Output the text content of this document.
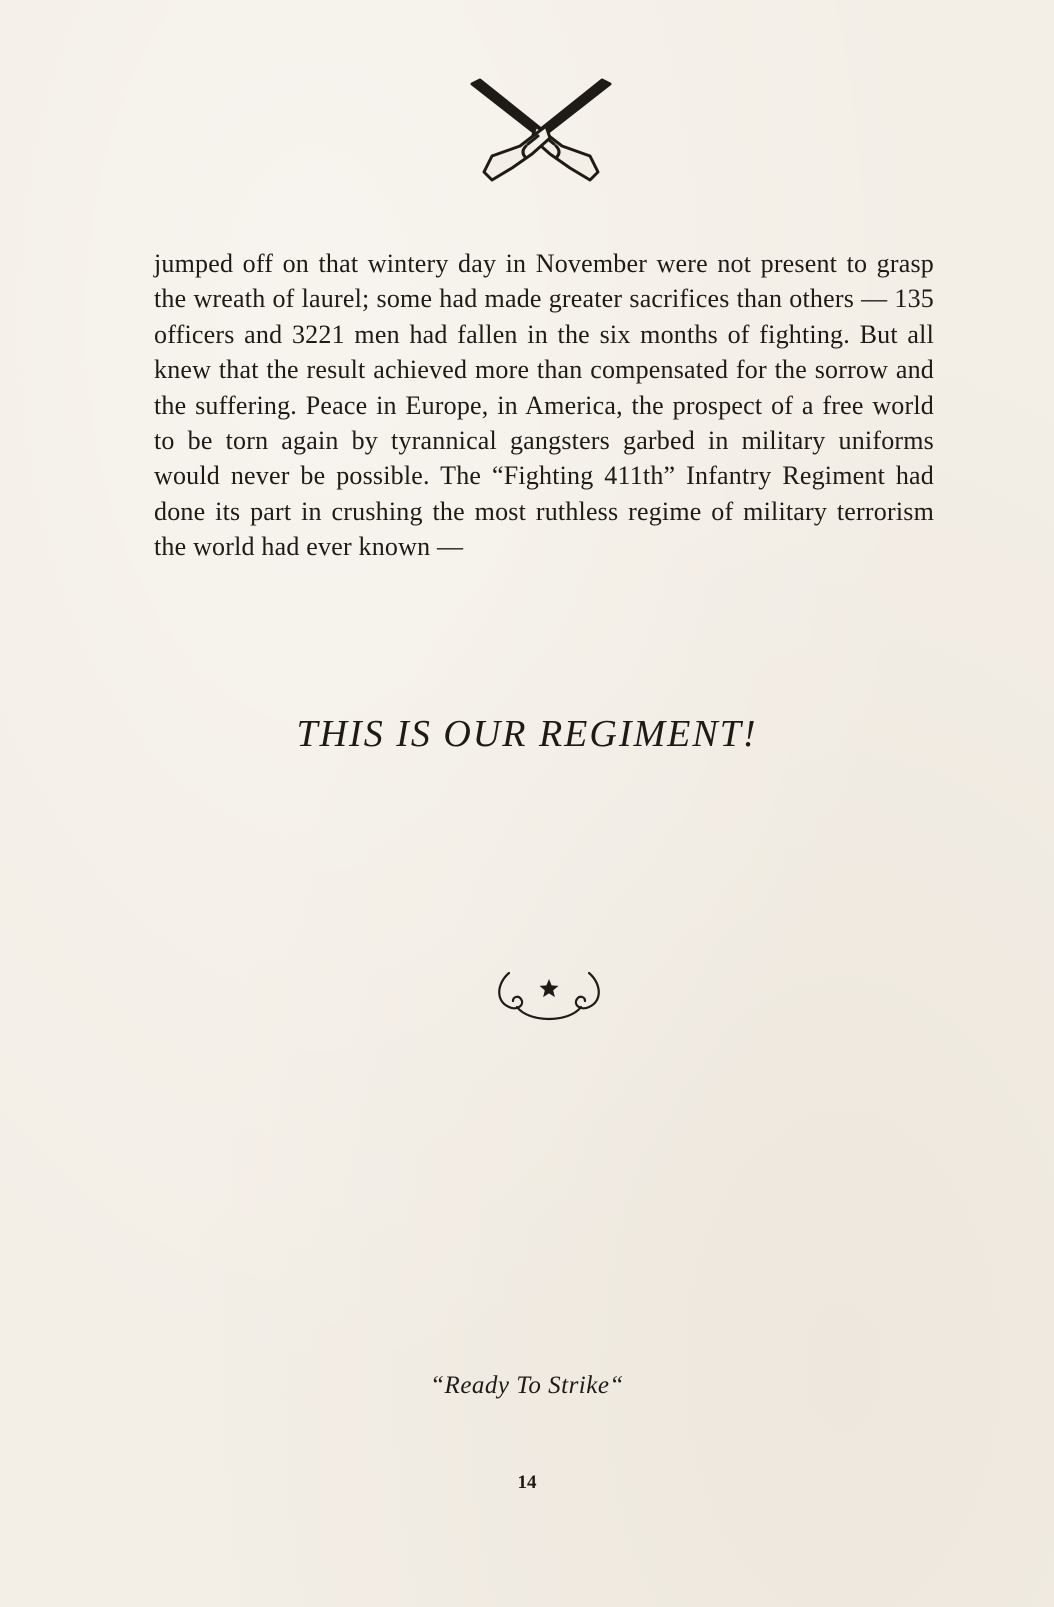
jumped off on that wintery day in November were not present to grasp the wreath of laurel; some had made greater sacrifices than others — 135 officers and 3221 men had fallen in the six months of fighting. But all knew that the result achieved more than compensated for the sorrow and the suffering. Peace in Europe, in America, the prospect of a free world to be torn again by tyrannical gangsters garbed in military uniforms would never be possible. The “Fighting 411th” Infantry Regiment had done its part in crushing the most ruthless regime of military terrorism the world had ever known —

THIS IS OUR REGIMENT!

“Ready To Strike“

14
